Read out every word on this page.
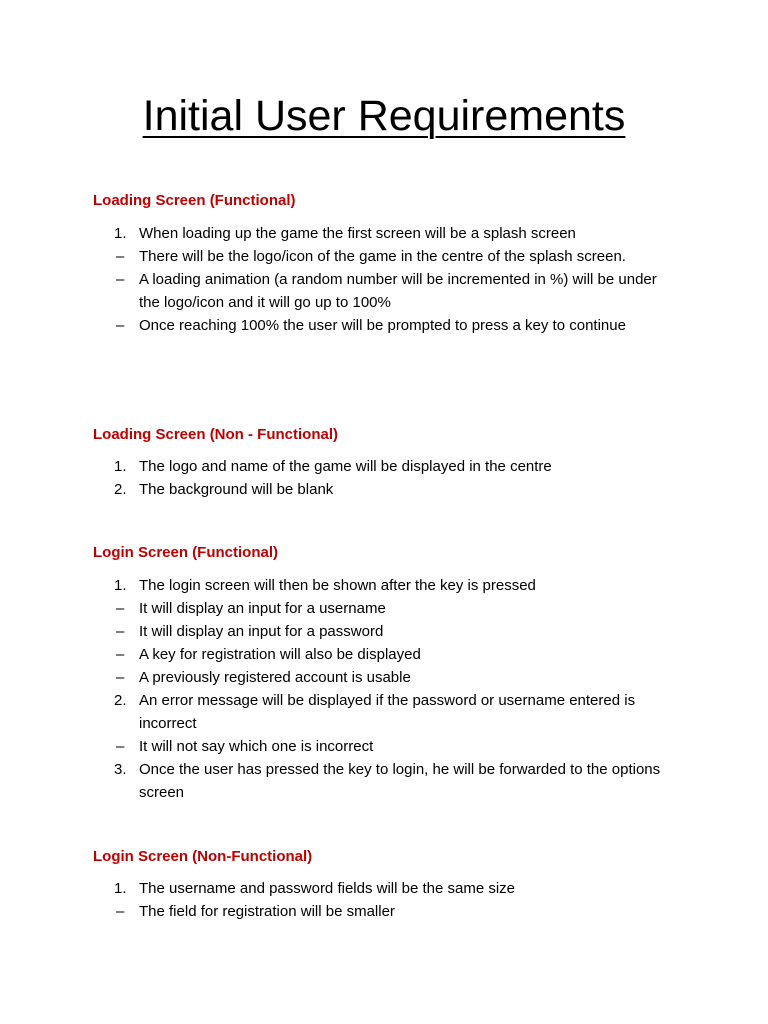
Initial User Requirements
Loading Screen (Functional)
1. When loading up the game the first screen will be a splash screen
– There will be the logo/icon of the game in the centre of the splash screen.
– A loading animation (a random number will be incremented in %) will be under the logo/icon and it will go up to 100%
– Once reaching 100% the user will be prompted to press a key to continue
Loading Screen (Non - Functional)
1. The logo and name of the game will be displayed in the centre
2. The background will be blank
Login Screen (Functional)
1. The login screen will then be shown after the key is pressed
– It will display an input for a username
– It will display an input for a password
– A key for registration will also be displayed
– A previously registered account is usable
2. An error message will be displayed if the password or username entered is incorrect
– It will not say which one is incorrect
3. Once the user has pressed the key to login, he will be forwarded to the options screen
Login Screen (Non-Functional)
1. The username and password fields will be the same size
– The field for registration will be smaller
